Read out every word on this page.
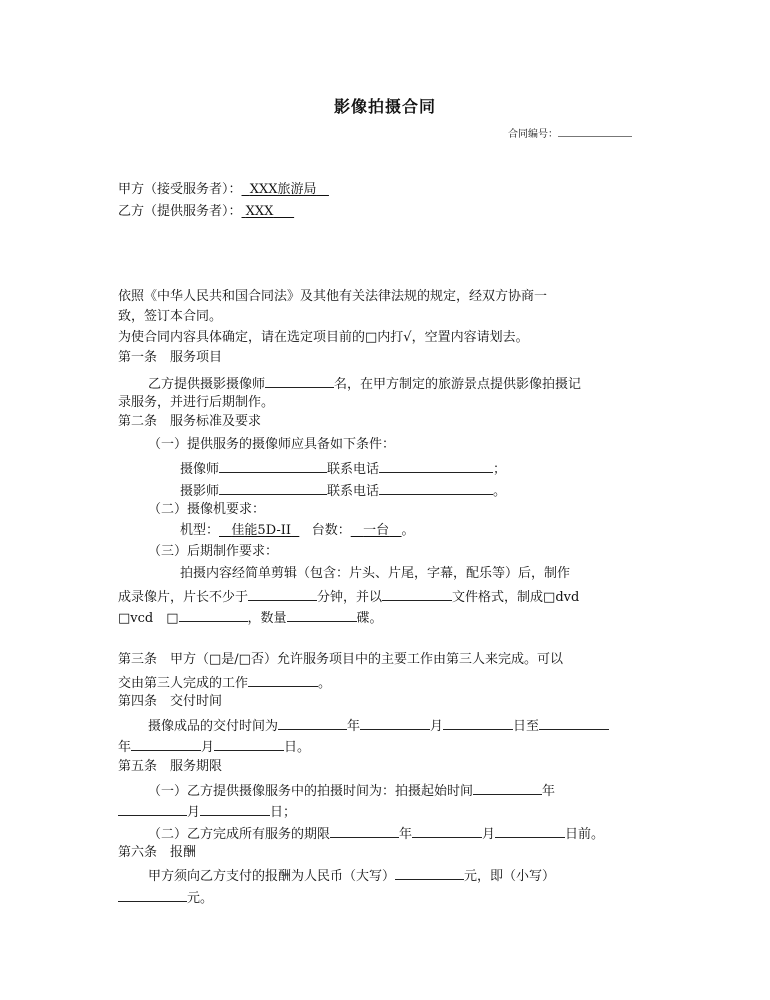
影像拍摄合同
合同编号：
甲方（接受服务者）： XXX旅游局
乙方（提供服务者）： XXX
依照《中华人民共和国合同法》及其他有关法律法规的规定，经双方协商一
致，签订本合同。
为使合同内容具体确定，请在选定项目前的□内打√，空置内容请划去。
第一条　服务项目
乙方提供摄影摄像师	名，在甲方制定的旅游景点提供影像拍摄记
录服务，并进行后期制作。
第二条　服务标准及要求
（一）提供服务的摄像师应具备如下条件：
摄像师	联系电话	；
摄影师	联系电话	。
（二）摄像机要求：
机型： 佳能5D-II 台数： 一台 。
（三）后期制作要求：
拍摄内容经简单剪辑（包含：片头、片尾，字幕，配乐等）后，制作
成录像片，片长不少于	分钟，并以	文件格式，制成□dvd
□vcd　□	，数量	碟。
第三条　甲方（□是/□否）允许服务项目中的主要工作由第三人来完成。可以
交由第三人完成的工作	。
第四条　交付时间
摄像成品的交付时间为	年	月	日至
年	月	日。
第五条　服务期限
（一）乙方提供摄像服务中的拍摄时间为：拍摄起始时间	年
月	日；
（二）乙方完成所有服务的期限	年	月	日前。
第六条　报酬
甲方须向乙方支付的报酬为人民币（大写）	元，即（小写）
元。
